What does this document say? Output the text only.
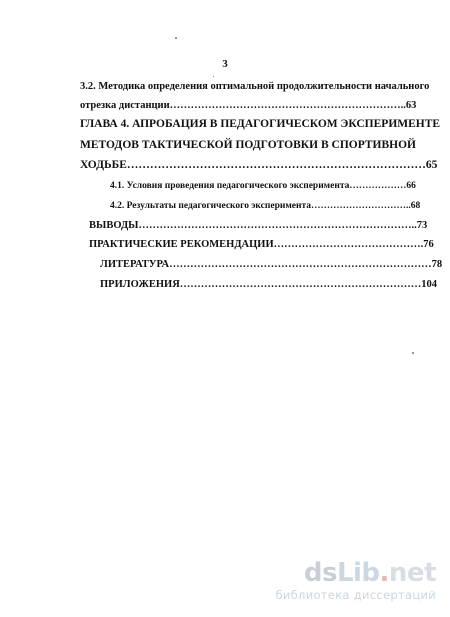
3
3.2. Методика определения оптимальной продолжительности начального
отрезка дистанции…………………………………………………………..63
ГЛАВА 4. АПРОБАЦИЯ В ПЕДАГОГИЧЕСКОМ ЭКСПЕРИМЕНТЕ
МЕТОДОВ ТАКТИЧЕСКОЙ ПОДГОТОВКИ В СПОРТИВНОЙ
ХОДЬБЕ……………………………………………………………………65
4.1. Условия проведения педагогического эксперимента………………66
4.2. Результаты педагогического эксперимента…………………………..68
ВЫВОДЫ……………………………………………………………………..73
ПРАКТИЧЕСКИЕ РЕКОМЕНДАЦИИ…………………………………….76
ЛИТЕРАТУРА…………………………………………………………………78
ПРИЛОЖЕНИЯ……………………………………………………………104
dsLib.net
библиотека диссертаций
